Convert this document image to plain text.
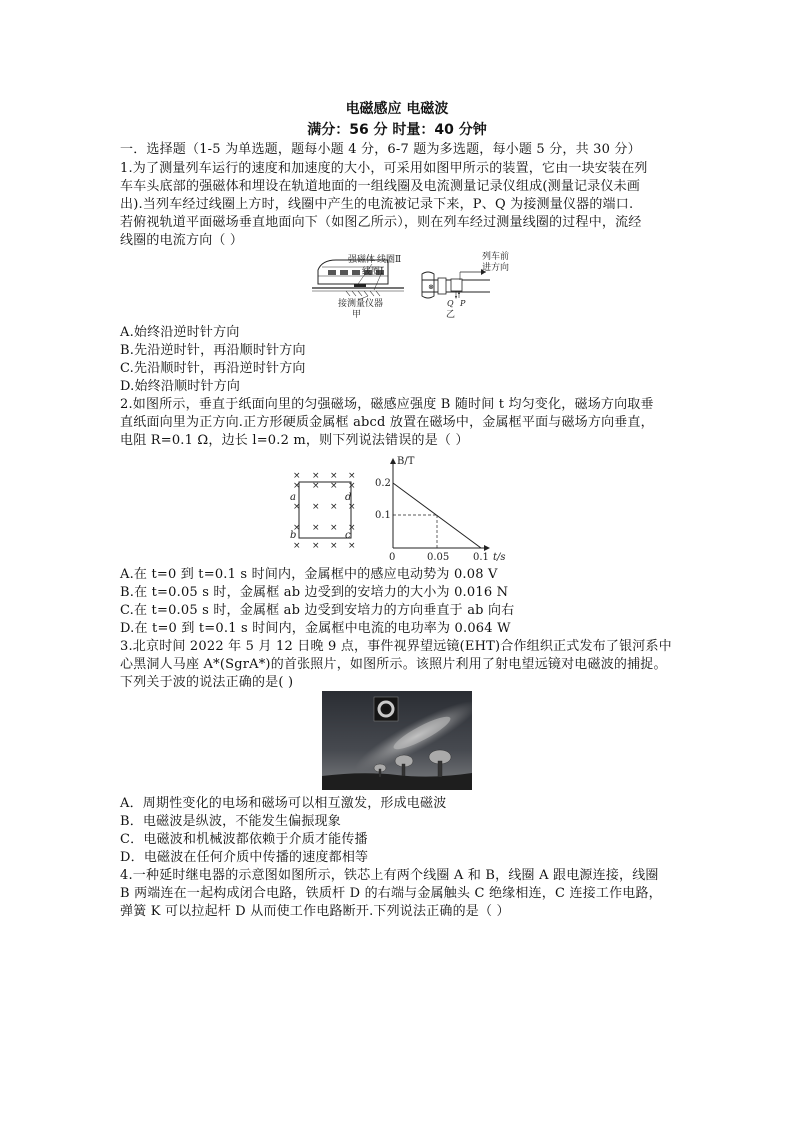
电磁感应 电磁波
满分：56 分 时量：40 分钟
一．选择题（1-5 为单选题，题每小题 4 分，6-7 题为多选题，每小题 5 分，共 30 分）
1.为了测量列车运行的速度和加速度的大小，可采用如图甲所示的装置，它由一块安装在列
车车头底部的强磁体和埋设在轨道地面的一组线圈及电流测量记录仪组成(测量记录仪未画
出).当列车经过线圈上方时，线圈中产生的电流被记录下来，P、Q 为接测量仪器的端口.
若俯视轨道平面磁场垂直地面向下（如图乙所示），则在列车经过测量线圈的过程中，流经
线圈的电流方向（ ）
强磁体 线圈Ⅱ
线圈Ⅰ
接测量仪器
甲
⊗
列车前
进方向
Q P
乙
A.始终沿逆时针方向
B.先沿逆时针，再沿顺时针方向
C.先沿顺时针，再沿逆时针方向
D.始终沿顺时针方向
2.如图所示，垂直于纸面向里的匀强磁场，磁感应强度 B 随时间 t 均匀变化，磁场方向取垂
直纸面向里为正方向.正方形硬质金属框 abcd 放置在磁场中，金属框平面与磁场方向垂直，
电阻 R=0.1 Ω，边长 l=0.2 m，则下列说法错误的是（ ）
× × × ×
× × × ×
× × × ×
× × × ×
× × × ×
a	d
b	c
B/T
0.2
0.1
0	0.05 0.1 t/s
A.在 t=0 到 t=0.1 s 时间内，金属框中的感应电动势为 0.08 V
B.在 t=0.05 s 时，金属框 ab 边受到的安培力的大小为 0.016 N
C.在 t=0.05 s 时，金属框 ab 边受到安培力的方向垂直于 ab 向右
D.在 t=0 到 t=0.1 s 时间内，金属框中电流的电功率为 0.064 W
3.北京时间 2022 年 5 月 12 日晚 9 点，事件视界望远镜(EHT)合作组织正式发布了银河系中
心黑洞人马座 A*(SgrA*)的首张照片，如图所示。该照片利用了射电望远镜对电磁波的捕捉。
下列关于波的说法正确的是( )
A．周期性变化的电场和磁场可以相互激发，形成电磁波
B．电磁波是纵波，不能发生偏振现象
C．电磁波和机械波都依赖于介质才能传播
D．电磁波在任何介质中传播的速度都相等
4.一种延时继电器的示意图如图所示，铁芯上有两个线圈 A 和 B，线圈 A 跟电源连接，线圈
B 两端连在一起构成闭合电路，铁质杆 D 的右端与金属触头 C 绝缘相连，C 连接工作电路，
弹簧 K 可以拉起杆 D 从而使工作电路断开.下列说法正确的是（ ）
